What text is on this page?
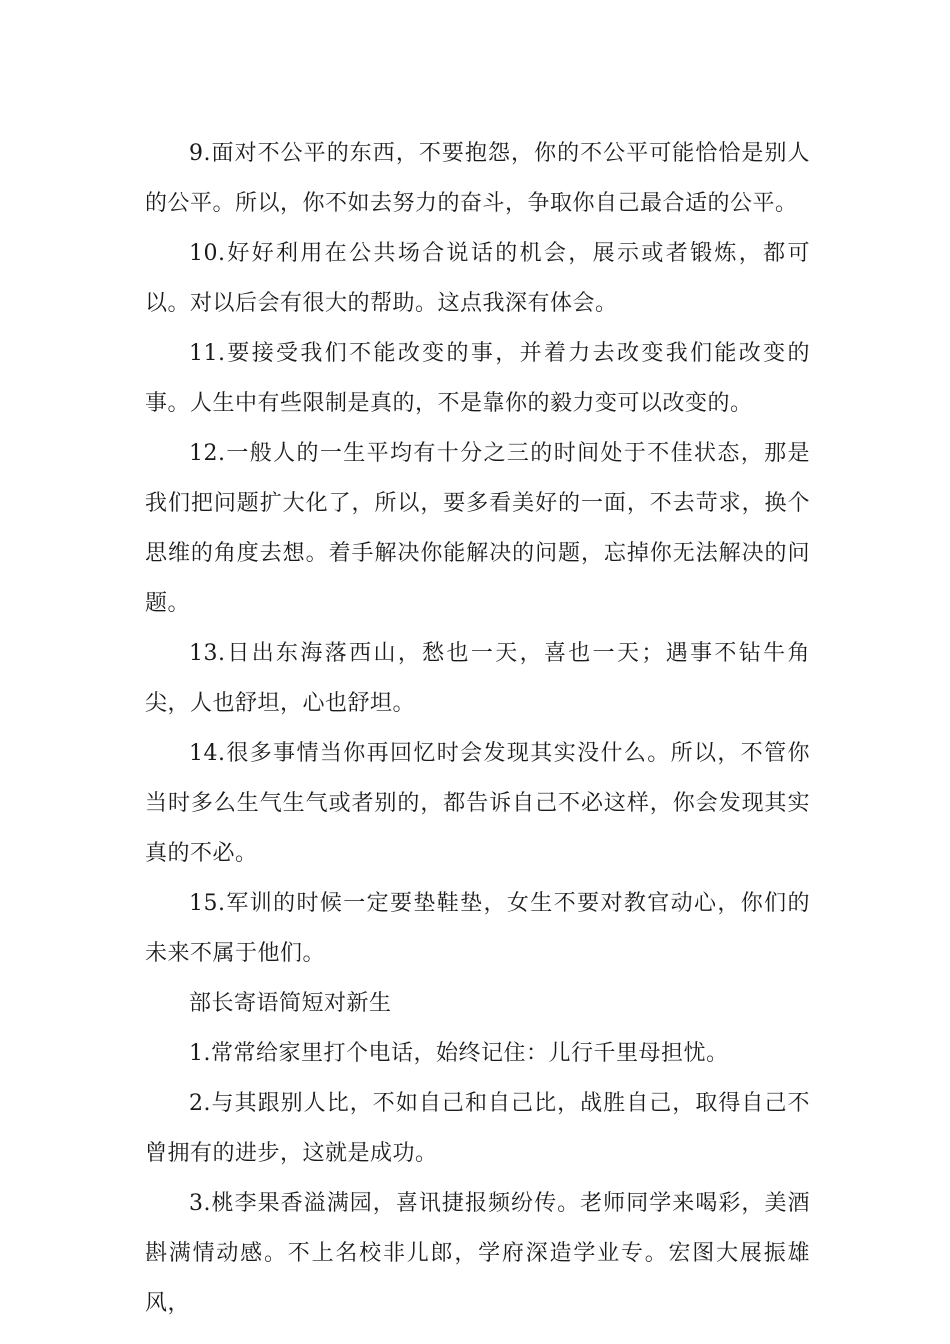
9.面对不公平的东西，不要抱怨，你的不公平可能恰恰是别人的公平。所以，你不如去努力的奋斗，争取你自己最合适的公平。

10.好好利用在公共场合说话的机会，展示或者锻炼，都可以。对以后会有很大的帮助。这点我深有体会。

11.要接受我们不能改变的事，并着力去改变我们能改变的事。人生中有些限制是真的，不是靠你的毅力变可以改变的。

12.一般人的一生平均有十分之三的时间处于不佳状态，那是我们把问题扩大化了，所以，要多看美好的一面，不去苛求，换个思维的角度去想。着手解决你能解决的问题，忘掉你无法解决的问题。

13.日出东海落西山，愁也一天，喜也一天；遇事不钻牛角尖，人也舒坦，心也舒坦。

14.很多事情当你再回忆时会发现其实没什么。所以，不管你当时多么生气生气或者别的，都告诉自己不必这样，你会发现其实真的不必。

15.军训的时候一定要垫鞋垫，女生不要对教官动心，你们的未来不属于他们。

部长寄语简短对新生

1.常常给家里打个电话，始终记住：儿行千里母担忧。

2.与其跟别人比，不如自己和自己比，战胜自己，取得自己不曾拥有的进步，这就是成功。

3.桃李果香溢满园，喜讯捷报频纷传。老师同学来喝彩，美酒斟满情动感。不上名校非儿郎，学府深造学业专。宏图大展振雄风，
